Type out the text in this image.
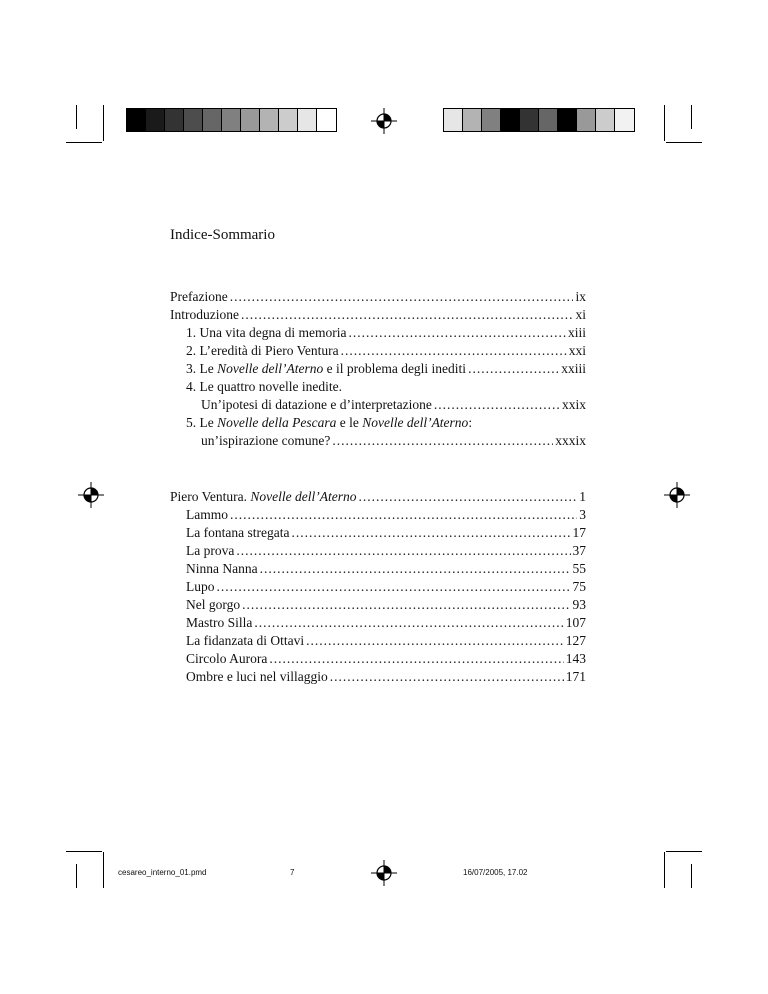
Indice-Sommario
Prefazione .....	ix
Introduzione .....	xi
1. Una vita degna di memoria .....	xiii
2. L’eredità di Piero Ventura .....	xxi
3. Le Novelle dell’Aterno e il problema degli inediti .....	xxiii
4. Le quattro novelle inedite.
Un’ipotesi di datazione e d’interpretazione .....	xxix
5. Le Novelle della Pescara e le Novelle dell’Aterno:
un’ispirazione comune? .....	xxxix
Piero Ventura. Novelle dell’Aterno .....	1
Lammo .....	3
La fontana stregata .....	17
La prova .....	37
Ninna Nanna .....	55
Lupo .....	75
Nel gorgo .....	93
Mastro Silla .....	107
La fidanzata di Ottavi .....	127
Circolo Aurora .....	143
Ombre e luci nel villaggio .....	171
cesareo_interno_01.pmd	7	16/07/2005, 17.02
